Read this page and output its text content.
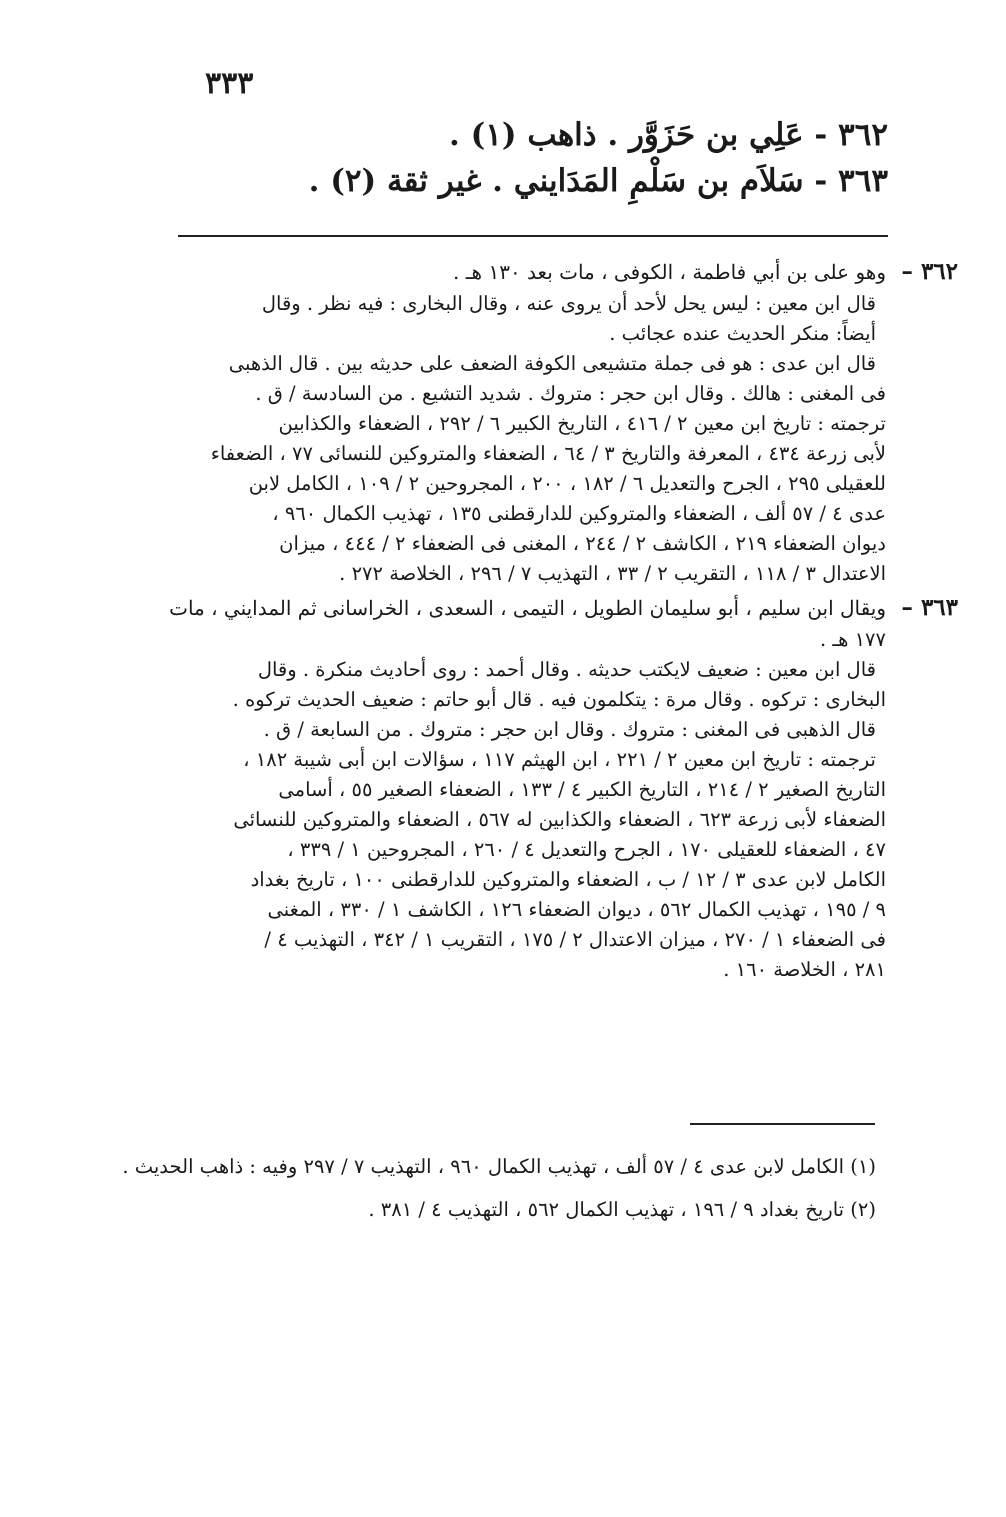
٣٣٣
٣٦٢ - عَلِي بن حَزَوَّر . ذاهب (١) .
٣٦٣ - سَلاَم بن سَلْمِ المَدَايني . غير ثقة (٢) .
٣٦٢ –
وهو على بن أبي فاطمة ، الكوفى ، مات بعد ١٣٠ هـ .
قال ابن معين : ليس يحل لأحد أن يروى عنه ، وقال البخارى : فيه نظر . وقال
أيضاً: منكر الحديث عنده عجائب .
قال ابن عدى : هو فى جملة متشيعى الكوفة الضعف على حديثه بين . قال الذهبى
فى المغنى : هالك . وقال ابن حجر : متروك . شديد التشيع . من السادسة / ق .
ترجمته : تاريخ ابن معين ٢ / ٤١٦ ، التاريخ الكبير ٦ / ٢٩٢ ، الضعفاء والكذابين
لأبى زرعة ٤٣٤ ، المعرفة والتاريخ ٣ / ٦٤ ، الضعفاء والمتروكين للنسائى ٧٧ ، الضعفاء
للعقيلى ٢٩٥ ، الجرح والتعديل ٦ / ١٨٢ ، ٢٠٠ ، المجروحين ٢ / ١٠٩ ، الكامل لابن
عدى ٤ / ٥٧ ألف ، الضعفاء والمتروكين للدارقطنى ١٣٥ ، تهذيب الكمال ٩٦٠ ،
ديوان الضعفاء ٢١٩ ، الكاشف ٢ / ٢٤٤ ، المغنى فى الضعفاء ٢ / ٤٤٤ ، ميزان
الاعتدال ٣ / ١١٨ ، التقريب ٢ / ٣٣ ، التهذيب ٧ / ٢٩٦ ، الخلاصة ٢٧٢ .
٣٦٣ –
ويقال ابن سليم ، أبو سليمان الطويل ، التيمى ، السعدى ، الخراسانى ثم المدايني ، مات
١٧٧ هـ .
قال ابن معين : ضعيف لايكتب حديثه . وقال أحمد : روى أحاديث منكرة . وقال
البخارى : تركوه . وقال مرة : يتكلمون فيه . قال أبو حاتم : ضعيف الحديث تركوه .
قال الذهبى فى المغنى : متروك . وقال ابن حجر : متروك . من السابعة / ق .
ترجمته : تاريخ ابن معين ٢ / ٢٢١ ، ابن الهيثم ١١٧ ، سؤالات ابن أبى شيبة ١٨٢ ،
التاريخ الصغير ٢ / ٢١٤ ، التاريخ الكبير ٤ / ١٣٣ ، الضعفاء الصغير ٥٥ ، أسامى
الضعفاء لأبى زرعة ٦٢٣ ، الضعفاء والكذابين له ٥٦٧ ، الضعفاء والمتروكين للنسائى
٤٧ ، الضعفاء للعقيلى ١٧٠ ، الجرح والتعديل ٤ / ٢٦٠ ، المجروحين ١ / ٣٣٩ ،
الكامل لابن عدى ٣ / ١٢ / ب ، الضعفاء والمتروكين للدارقطنى ١٠٠ ، تاريخ بغداد
٩ / ١٩٥ ، تهذيب الكمال ٥٦٢ ، ديوان الضعفاء ١٢٦ ، الكاشف ١ / ٣٣٠ ، المغنى
فى الضعفاء ١ / ٢٧٠ ، ميزان الاعتدال ٢ / ١٧٥ ، التقريب ١ / ٣٤٢ ، التهذيب ٤ /
٢٨١ ، الخلاصة ١٦٠ .
(١) الكامل لابن عدى ٤ / ٥٧ ألف ، تهذيب الكمال ٩٦٠ ، التهذيب ٧ / ٢٩٧ وفيه : ذاهب الحديث .
(٢) تاريخ بغداد ٩ / ١٩٦ ، تهذيب الكمال ٥٦٢ ، التهذيب ٤ / ٣٨١ .
